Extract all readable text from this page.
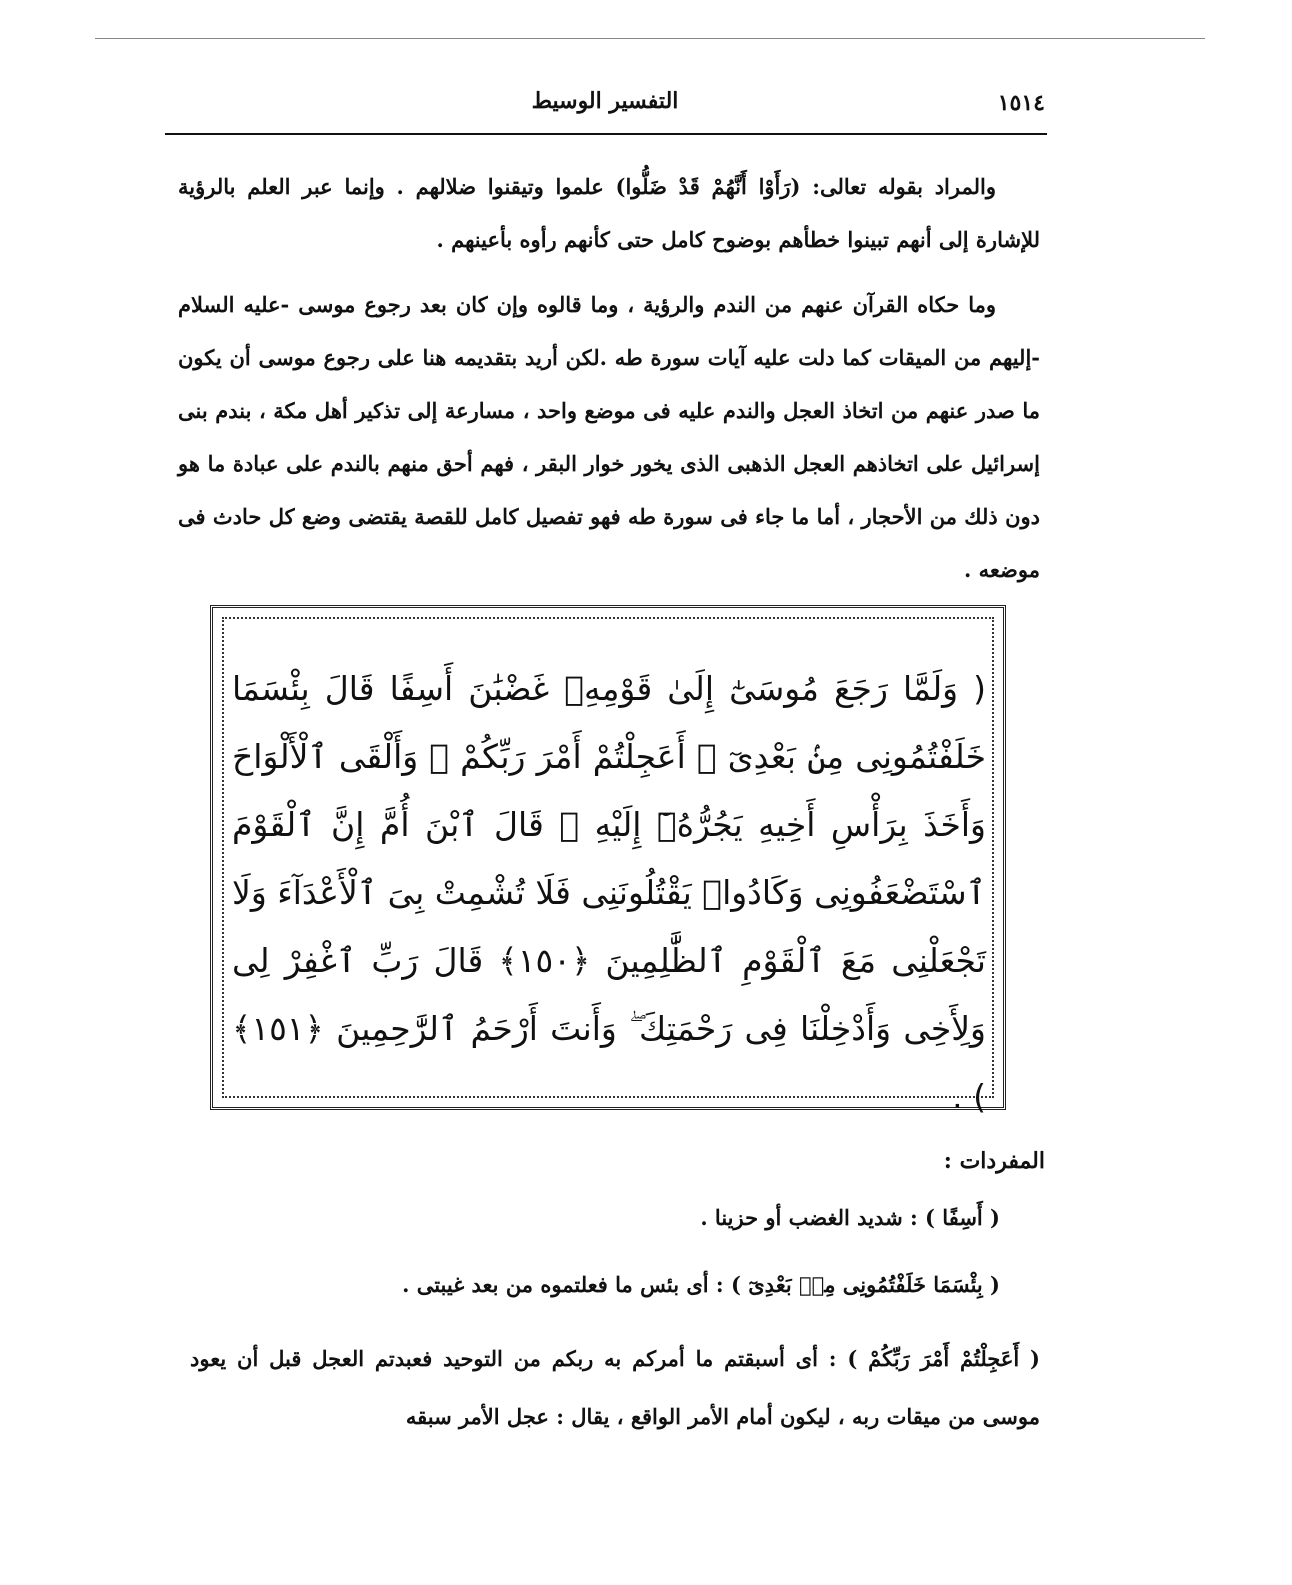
١٥١٤
التفسير الوسيط

والمراد بقوله تعالى: (رَأَوْا أَنَّهُمْ قَدْ ضَلُّوا) علموا وتيقنوا ضلالهم . وإنما عبر العلم بالرؤية للإشارة إلى أنهم تبينوا خطأهم بوضوح كامل حتى كأنهم رأوه بأعينهم .

وما حكاه القرآن عنهم من الندم والرؤية ، وما قالوه وإن كان بعد رجوع موسى -عليه السلام -إليهم من الميقات كما دلت عليه آيات سورة طه .لكن أريد بتقديمه هنا على رجوع موسى أن يكون ما صدر عنهم من اتخاذ العجل والندم عليه فى موضع واحد ، مسارعة إلى تذكير أهل مكة ، بندم بنى إسرائيل على اتخاذهم العجل الذهبى الذى يخور خوار البقر ، فهم أحق منهم بالندم على عبادة ما هو دون ذلك من الأحجار ، أما ما جاء فى سورة طه فهو تفصيل كامل للقصة يقتضى وضع كل حادث فى موضعه .

( وَلَمَّا رَجَعَ مُوسَىٰٓ إِلَىٰ قَوْمِهِۦ غَضْبَٰنَ أَسِفًا قَالَ بِئْسَمَا خَلَفْتُمُونِى مِنۢ بَعْدِىٓ ۖ أَعَجِلْتُمْ أَمْرَ رَبِّكُمْ ۖ وَأَلْقَى ٱلْأَلْوَاحَ وَأَخَذَ بِرَأْسِ أَخِيهِ يَجُرُّهُۥٓ إِلَيْهِ ۚ قَالَ ٱبْنَ أُمَّ إِنَّ ٱلْقَوْمَ ٱسْتَضْعَفُونِى وَكَادُوا۟ يَقْتُلُونَنِى فَلَا تُشْمِتْ بِىَ ٱلْأَعْدَآءَ وَلَا تَجْعَلْنِى مَعَ ٱلْقَوْمِ ٱلظَّٰلِمِينَ ﴿١٥٠﴾ قَالَ رَبِّ ٱغْفِرْ لِى وَلِأَخِى وَأَدْخِلْنَا فِى رَحْمَتِكَ ۖ وَأَنتَ أَرْحَمُ ٱلرَّٰحِمِينَ ﴿١٥١﴾ ) .

المفردات :

( أَسِفًا ) : شديد الغضب أو حزينا .

( بِئْسَمَا خَلَفْتُمُونِى مِنۢ بَعْدِىٓ ) : أى بئس ما فعلتموه من بعد غيبتى .

( أَعَجِلْتُمْ أَمْرَ رَبِّكُمْ ) : أى أسبقتم ما أمركم به ربكم من التوحيد فعبدتم العجل قبل أن يعود موسى من ميقات ربه ، ليكون أمام الأمر الواقع ، يقال : عجل الأمر سبقه
